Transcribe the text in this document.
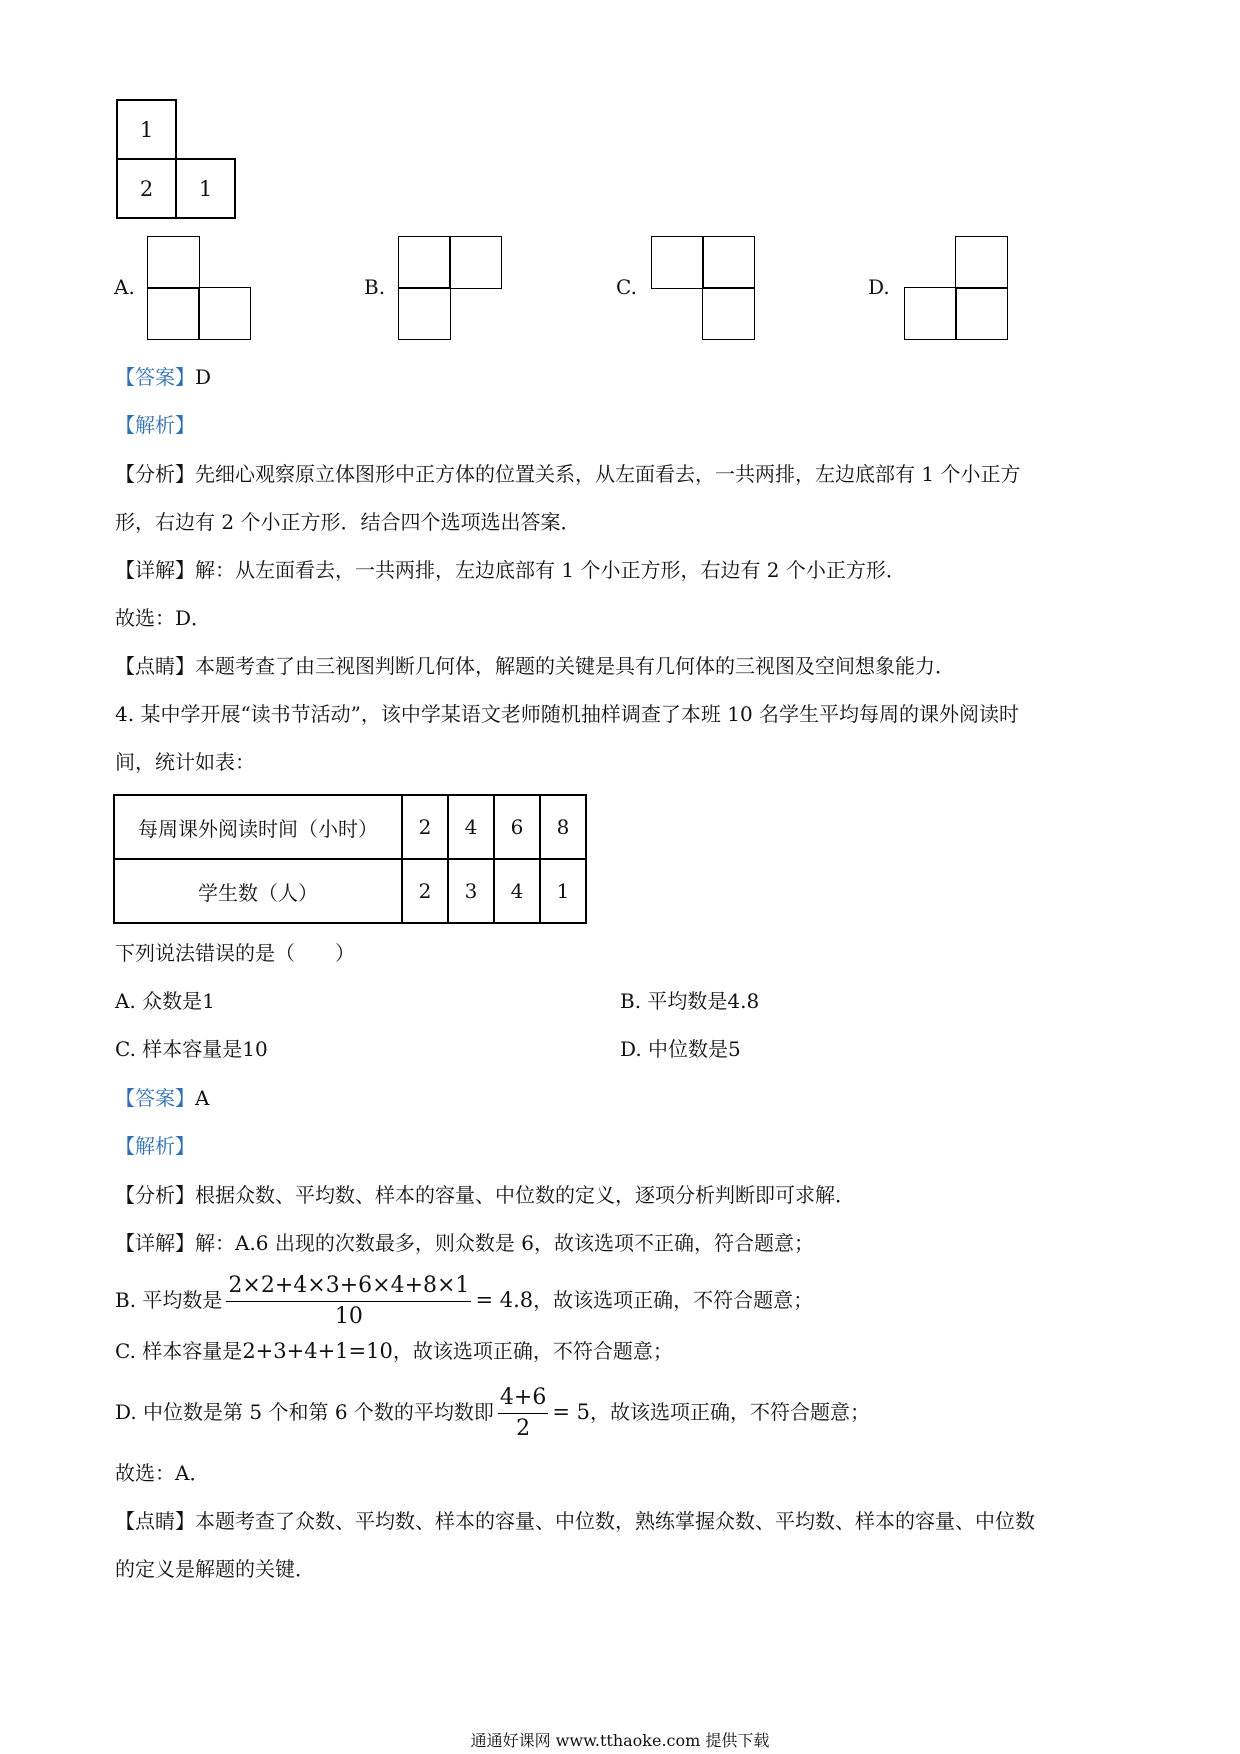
1
2	1
A.	B.	C.	D.
【答案】D
【解析】
【分析】先细心观察原立体图形中正方体的位置关系，从左面看去，一共两排，左边底部有 1 个小正方
形，右边有 2 个小正方形．结合四个选项选出答案．
【详解】解：从左面看去，一共两排，左边底部有 1 个小正方形，右边有 2 个小正方形．
故选：D．
【点睛】本题考查了由三视图判断几何体，解题的关键是具有几何体的三视图及空间想象能力．
4. 某中学开展“读书节活动”，该中学某语文老师随机抽样调查了本班 10 名学生平均每周的课外阅读时
间，统计如表：
每周课外阅读时间（小时）	2	4	6	8
学生数（人）	2	3	4	1
下列说法错误的是（　　）
A. 众数是1	B. 平均数是4.8
C. 样本容量是10	D. 中位数是5
【答案】A
【解析】
【分析】根据众数、平均数、样本的容量、中位数的定义，逐项分析判断即可求解．
【详解】解：A.6 出现的次数最多，则众数是 6，故该选项不正确，符合题意；
B. 平均数是 $\frac{2\times 2+4\times 3+6\times 4+8\times 1}{10} = 4.8$，故该选项正确，不符合题意；
C. 样本容量是2+3+4+1=10，故该选项正确，不符合题意；
D. 中位数是第 5 个和第 6 个数的平均数即 $\frac{4+6}{2} = 5$，故该选项正确，不符合题意；
故选：A．
【点睛】本题考查了众数、平均数、样本的容量、中位数，熟练掌握众数、平均数、样本的容量、中位数
的定义是解题的关键．
通通好课网 www.tthaoke.com 提供下载
